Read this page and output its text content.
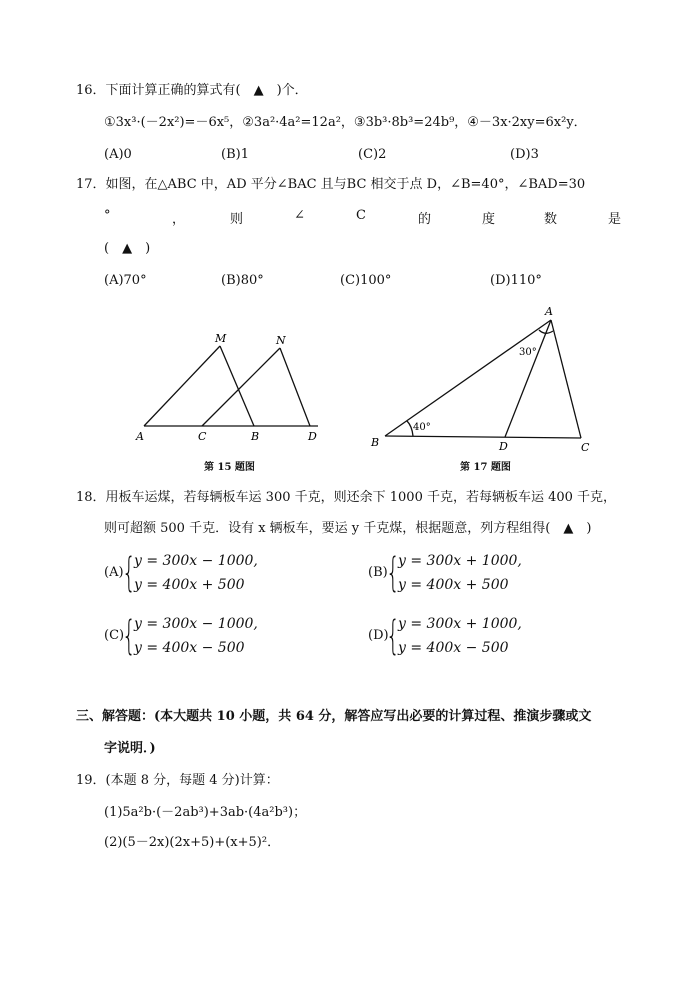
16．下面计算正确的算式有(　▲　)个．
①3x³·(－2x²)=－6x⁵，②3a²·4a²=12a²，③3b³·8b³=24b⁹，④－3x·2xy=6x²y．
(A)0	(B)1	(C)2	(D)3
17．如图，在△ABC 中，AD 平分∠BAC 且与BC 相交于点 D，∠B=40°，∠BAD=30
°	，	则	∠	C	的	度	数	是
(　▲　)
(A)70°	(B)80°	(C)100°	(D)110°
M	N
A	C	B	D
第 15 题图
A
30°
40°
B	D	C
第 17 题图
18．用板车运煤，若每辆板车运 300 千克，则还余下 1000 千克，若每辆板车运 400 千克，
则可超额 500 千克．设有 x 辆板车，要运 y 千克煤，根据题意，列方程组得(　▲　)
(A)
{
y = 300x − 1000,
y = 400x + 500
(B)
{
y = 300x + 1000,
y = 400x + 500
(C)
{
y = 300x − 1000,
y = 400x − 500
(D)
{
y = 300x + 1000,
y = 400x − 500
三、解答题：(本大题共 10 小题，共 64 分，解答应写出必要的计算过程、推演步骤或文
字说明．)
19．(本题 8 分，每题 4 分)计算：
(1)5a²b·(－2ab³)+3ab·(4a²b³)；
(2)(5－2x)(2x+5)+(x+5)²．
